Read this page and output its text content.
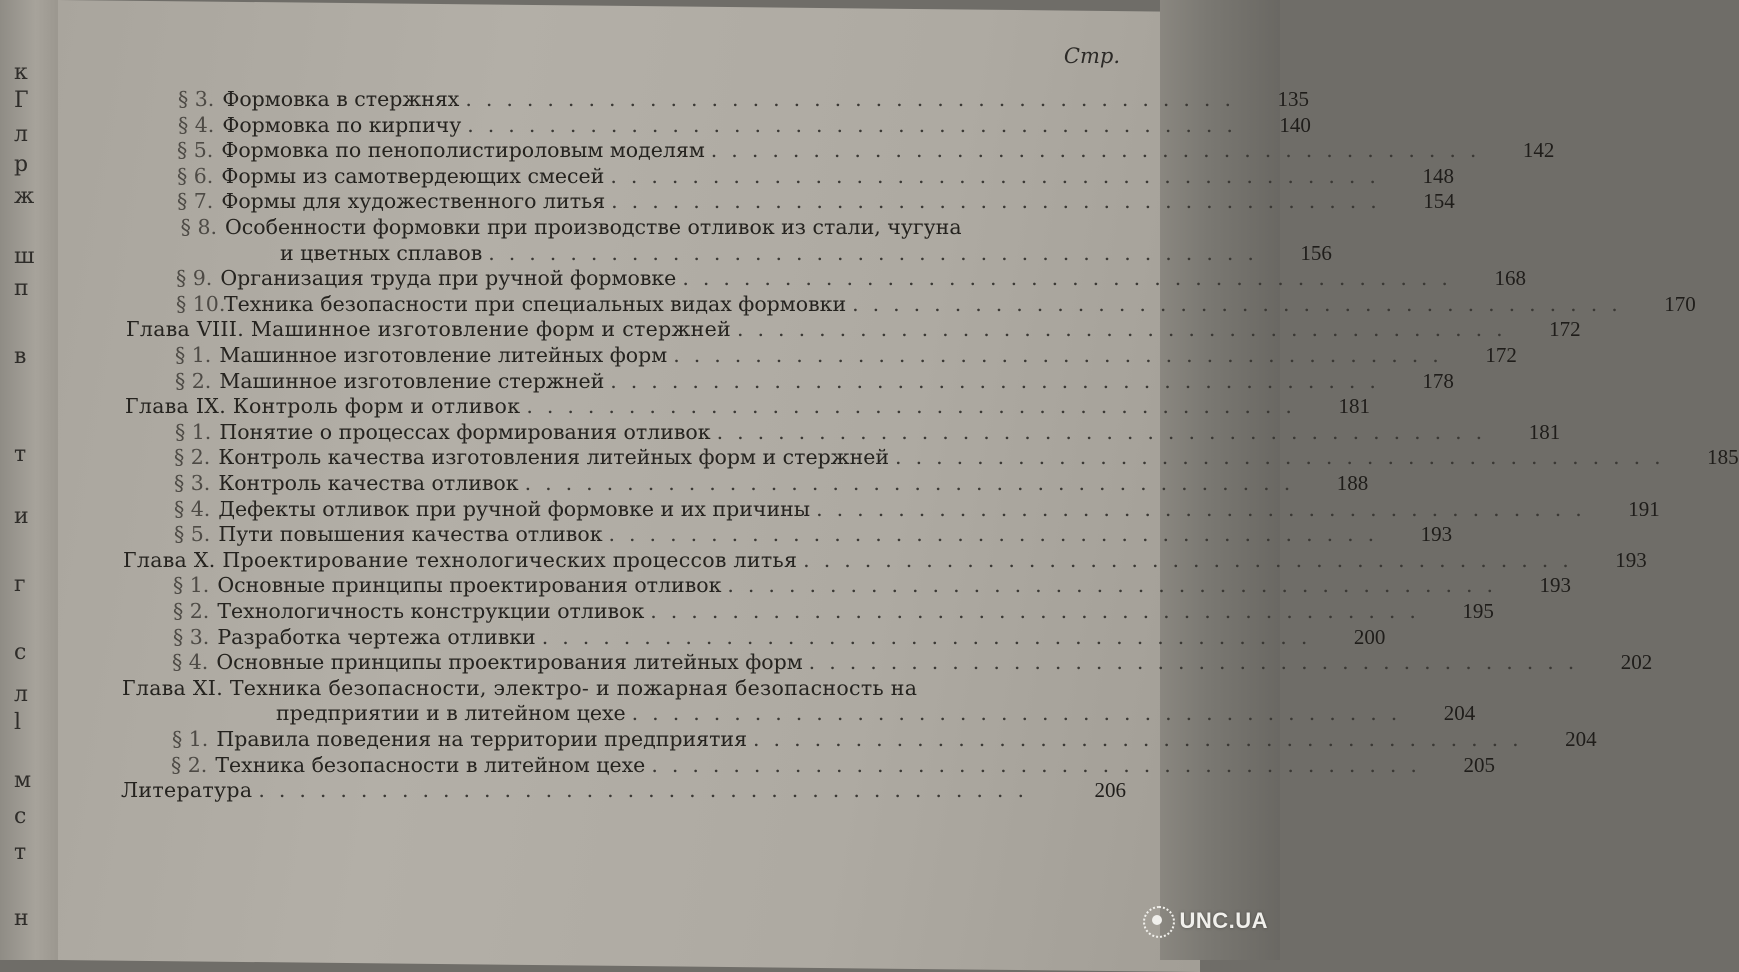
к
Г
л
р
ж
ш
п
в
т
и
г
с
л
l
м
с
т
н
Стр.
§ 3. Формовка в стержнях ......................................	135
§ 4. Формовка по кирпичу ......................................	140
§ 5. Формовка по пенополистироловым моделям ......................................	142
§ 6. Формы из самотвердеющих смесей ......................................	148
§ 7. Формы для художественного литья ......................................	154
§ 8. Особенности формовки при производстве отливок из стали, чугуна
и цветных сплавов ......................................	156
§ 9. Организация труда при ручной формовке ......................................	168
§ 10.
Техника безопасности при специальных видах формовки ......................................	170
Глава VIII. Машинное изготовление форм и стержней ......................................	172
§ 1. Машинное изготовление литейных форм ......................................	172
§ 2. Машинное изготовление стержней ......................................	178
Глава IX. Контроль форм и отливок ......................................	181
§ 1. Понятие о процессах формирования отливок ......................................	181
§ 2. Контроль качества изготовления литейных форм и стержней ......................................	185
§ 3. Контроль качества отливок ......................................	188
§ 4. Дефекты отливок при ручной формовке и их причины ......................................	191
§ 5. Пути повышения качества отливок ......................................	193
Глава X. Проектирование технологических процессов литья ......................................	193
§ 1. Основные принципы проектирования отливок ......................................	193
§ 2. Технологичность конструкции отливок ......................................	195
§ 3. Разработка чертежа отливки ......................................	200
§ 4. Основные принципы проектирования литейных форм ......................................	202
Глава XI. Техника безопасности, электро- и пожарная безопасность на
предприятии и в литейном цехе ......................................	204
§ 1. Правила поведения на территории предприятия ......................................	204
§ 2. Техника безопасности в литейном цехе ......................................	205
Литература ......................................	206
UNC.UA
